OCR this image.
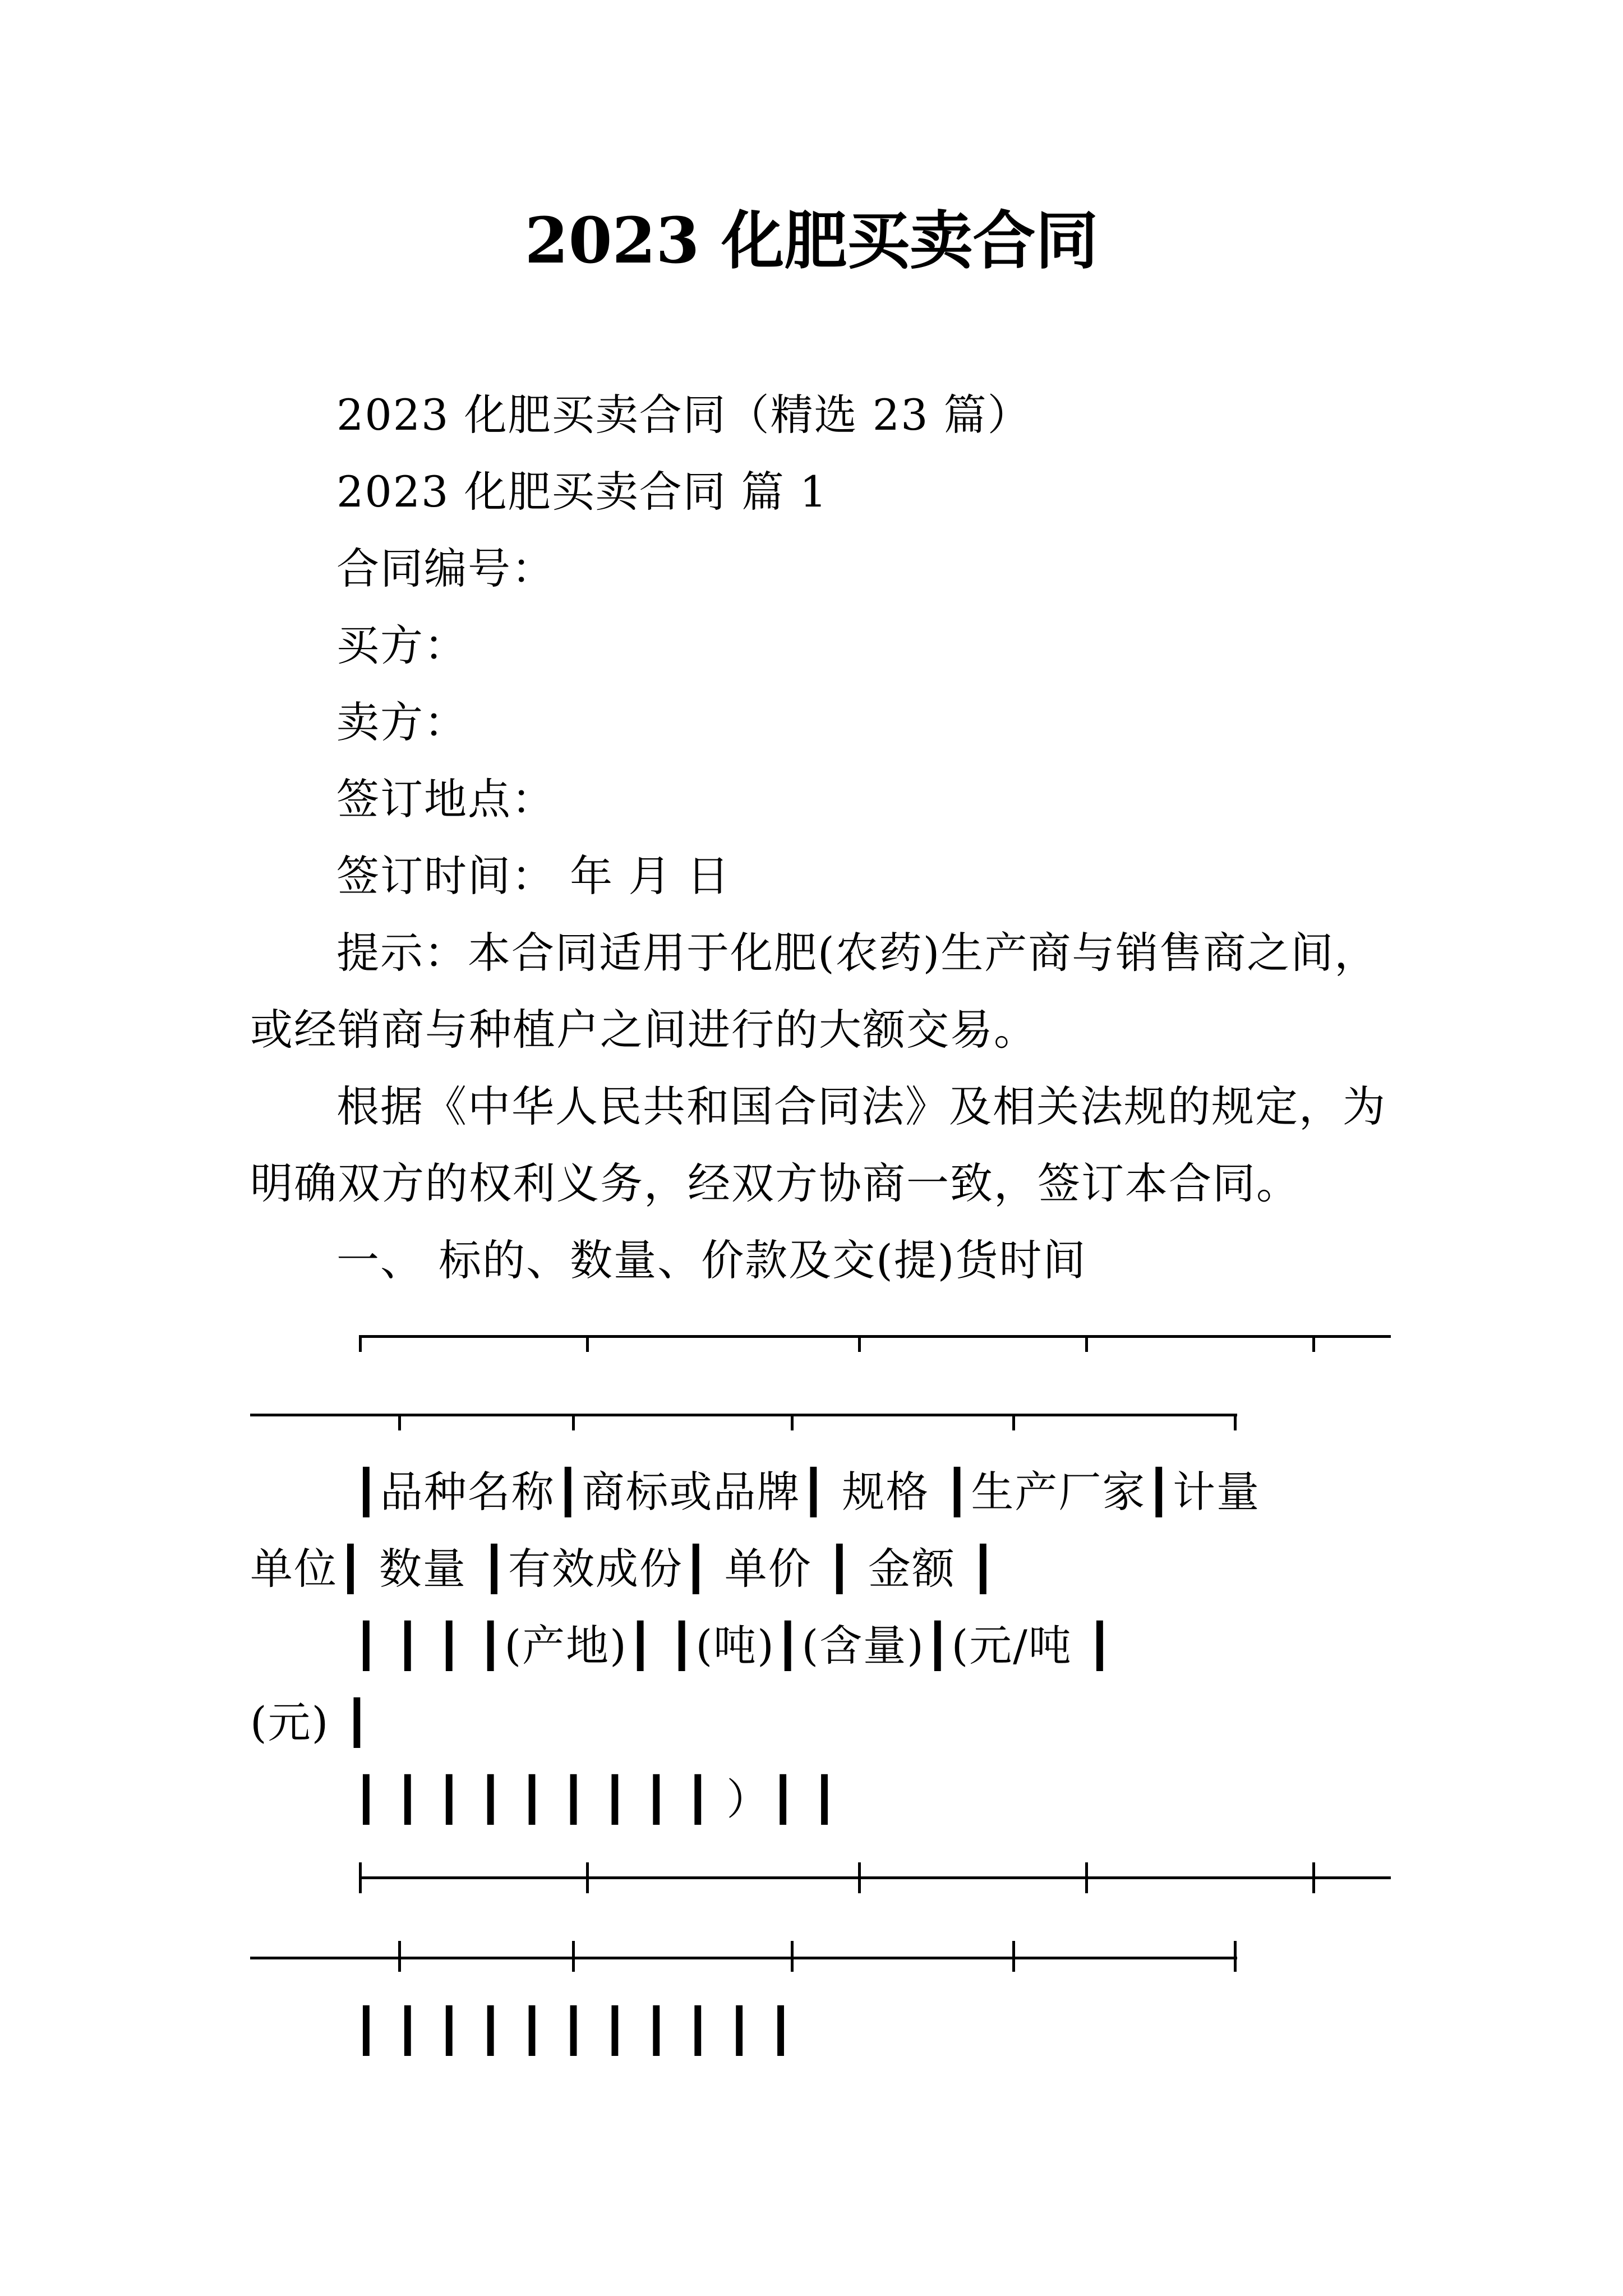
2023 化肥买卖合同
2023 化肥买卖合同（精选 23 篇）
2023 化肥买卖合同 篇 1
合同编号：
买方：
卖方：
签订地点：
签订时间： 年 月 日
提示：本合同适用于化肥(农药)生产商与销售商之间，
或经销商与种植户之间进行的大额交易。
根据《中华人民共和国合同法》及相关法规的规定，为
明确双方的权利义务，经双方协商一致，签订本合同。
一、 标的、数量、价款及交(提)货时间
┃品种名称┃商标或品牌┃ 规格 ┃生产厂家┃计量
单位┃ 数量 ┃有效成份┃ 单价 ┃ 金额 ┃
┃ ┃ ┃ ┃(产地)┃ ┃(吨)┃(含量)┃(元/吨 ┃
(元) ┃
┃ ┃ ┃ ┃ ┃ ┃ ┃ ┃ ┃ ）┃ ┃
┃ ┃ ┃ ┃ ┃ ┃ ┃ ┃ ┃ ┃ ┃
